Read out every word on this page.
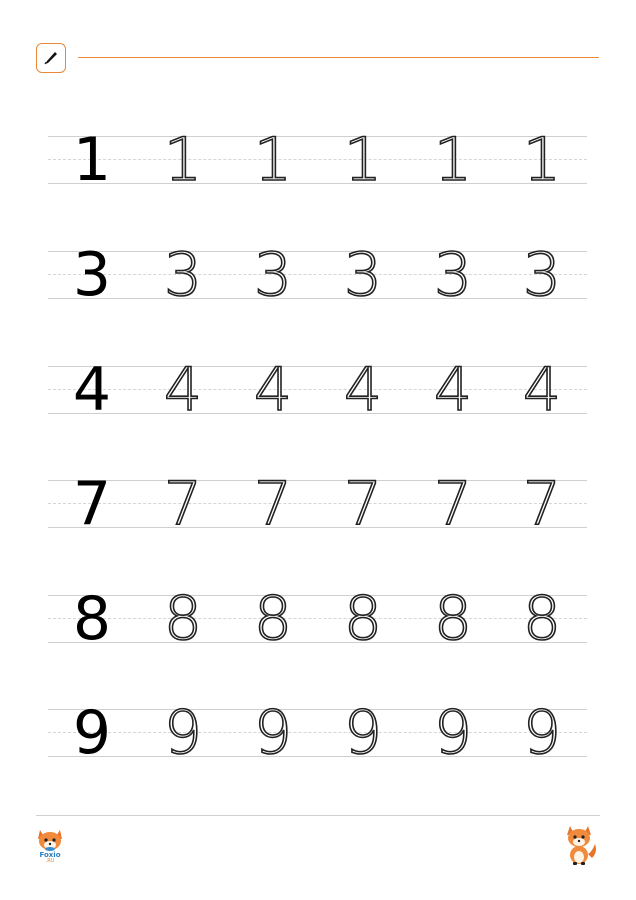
1 1 1 1 1 1
3 3 3 3 3 3
4 4 4 4 4 4
7 7 7 7 7 7
8 8 8 8 8 8
9 9 9 9 9 9
Foxio
.RU
